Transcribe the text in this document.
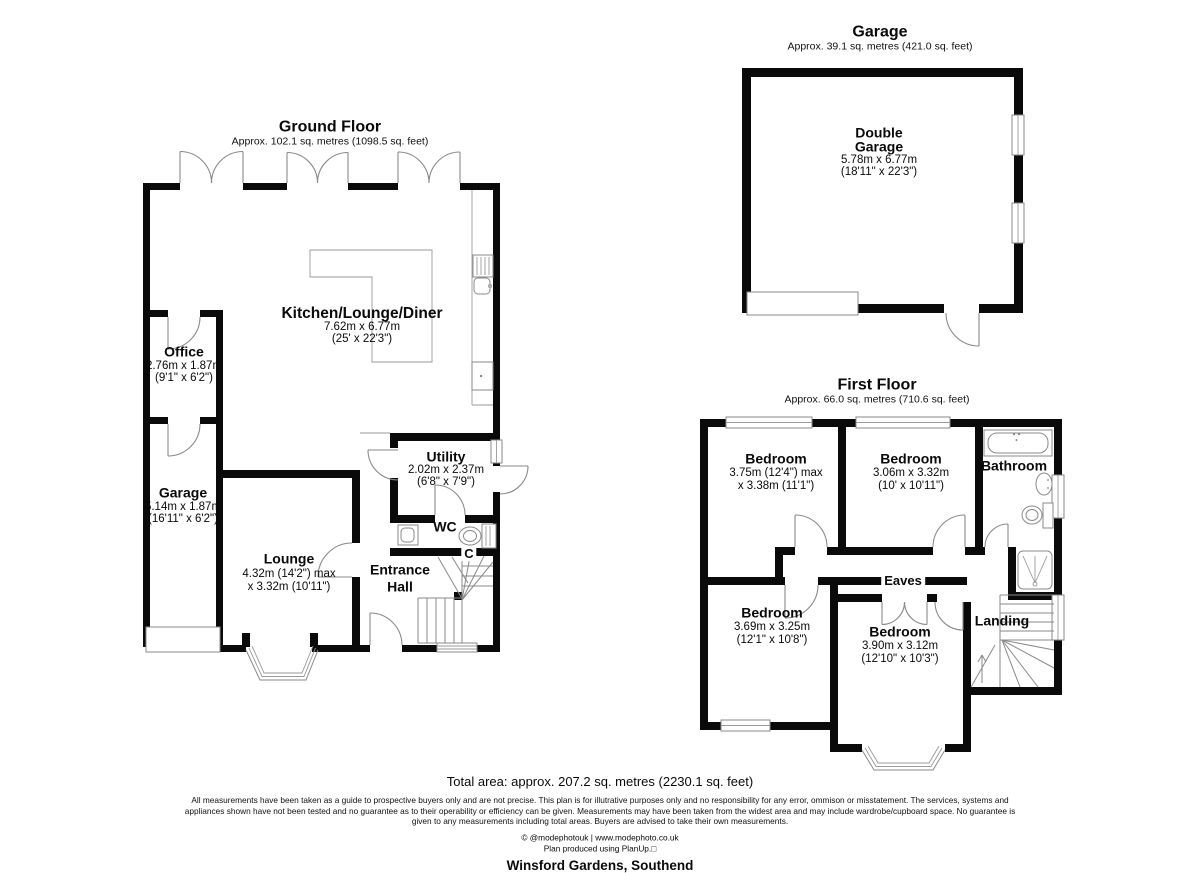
Ground Floor
Approx. 102.1 sq. metres (1098.5 sq. feet)
Kitchen/Lounge/Diner
7.62m x 6.77m
(25' x 22'3")
Office
2.76m x 1.87m
(9'1" x 6'2")
Garage
5.14m x 1.87m
(16'11" x 6'2")
Lounge
4.32m (14'2") max
x 3.32m (10'11")
Utility
2.02m x 2.37m
(6'8" x 7'9")
WC
Entrance
Hall
C
Garage
Approx. 39.1 sq. metres (421.0 sq. feet)
Double
Garage
5.78m x 6.77m
(18'11" x 22'3")
First Floor
Approx. 66.0 sq. metres (710.6 sq. feet)
Bedroom
3.75m (12'4") max
x 3.38m (11'1")
Bedroom
3.06m x 3.32m
(10' x 10'11")
Bathroom
Eaves
Bedroom
3.69m x 3.25m
(12'1" x 10'8")
Bedroom
3.90m x 3.12m
(12'10" x 10'3")
Landing
Total area: approx. 207.2 sq. metres (2230.1 sq. feet)
All measurements have been taken as a guide to prospective buyers only and are not precise. This plan is for illutrative purposes only and no responsibility for any error, ommison or misstatement. The services, systems and appliances shown have not been tested and no guarantee as to their operability or efficiency can be given. Measurements may have been taken from the widest area and may include wardrobe/cupboard space. No guarantee is given to any measurements including total areas. Buyers are advised to take their own measurements.
© @modephotouk | www.modephoto.co.uk
Plan produced using PlanUp.□
Winsford Gardens, Southend
